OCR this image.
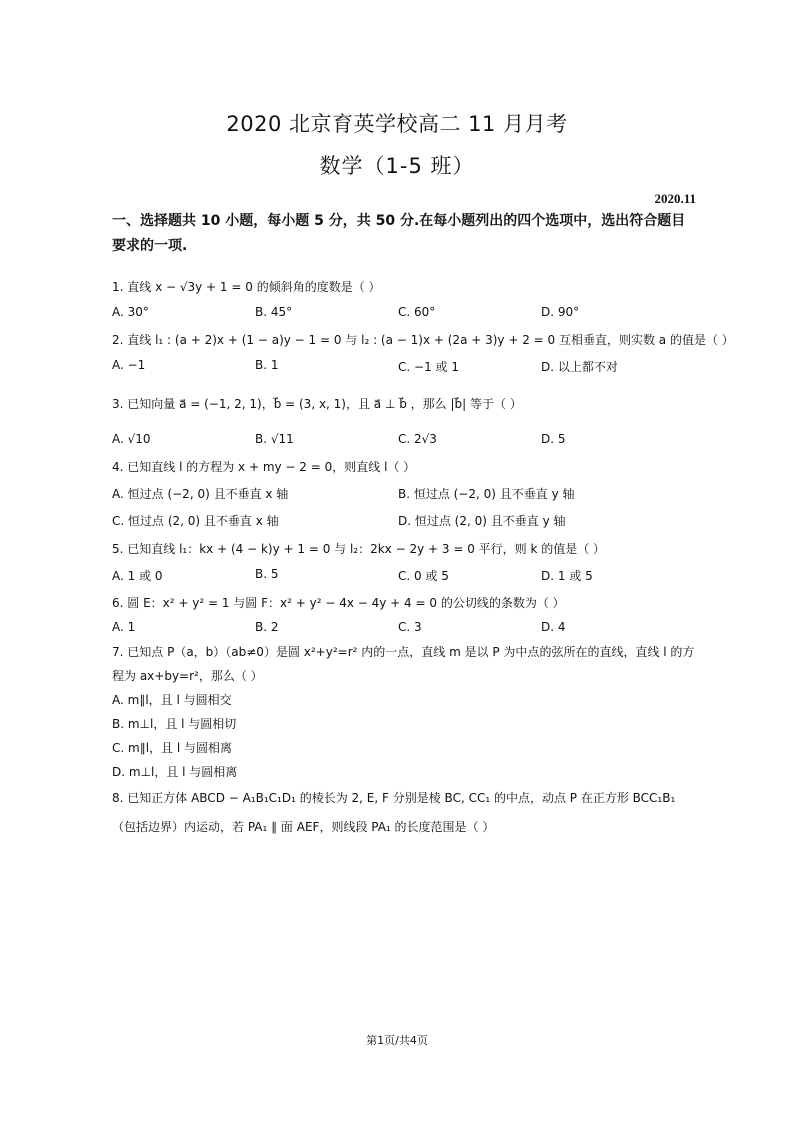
2020 北京育英学校高二 11 月月考
数学（1-5 班）
2020.11
一、选择题共 10 小题，每小题 5 分，共 50 分.在每小题列出的四个选项中，选出符合题目要求的一项.
1. 直线 x − √3y + 1 = 0 的倾斜角的度数是（ ）
A. 30°	B. 45°	C. 60°	D. 90°
2. 直线 l₁ : (a + 2)x + (1 − a)y − 1 = 0 与 l₂ : (a − 1)x + (2a + 3)y + 2 = 0 互相垂直，则实数 a 的值是（ ）
A. −1	B. 1	C. −1 或 1	D. 以上都不对
3. 已知向量 a⃗ = (−1, 2, 1)，b⃗ = (3, x, 1)，且 a⃗ ⊥ b⃗ ，那么 |b⃗| 等于（ ）
A. √10	B. √11	C. 2√3	D. 5
4. 已知直线 l 的方程为 x + my − 2 = 0，则直线 l（ ）
A. 恒过点 (−2, 0) 且不垂直 x 轴	B. 恒过点 (−2, 0) 且不垂直 y 轴
C. 恒过点 (2, 0) 且不垂直 x 轴	D. 恒过点 (2, 0) 且不垂直 y 轴
5. 已知直线 l₁：kx + (4 − k)y + 1 = 0 与 l₂：2kx − 2y + 3 = 0 平行，则 k 的值是（ ）
A. 1 或 0	B. 5	C. 0 或 5	D. 1 或 5
6. 圆 E：x² + y² = 1 与圆 F：x² + y² − 4x − 4y + 4 = 0 的公切线的条数为（ ）
A. 1	B. 2	C. 3	D. 4
7. 已知点 P（a，b）（ab≠0）是圆 x²+y²=r² 内的一点，直线 m 是以 P 为中点的弦所在的直线，直线 l 的方
程为 ax+by=r²，那么（ ）
A. m∥l，且 l 与圆相交
B. m⊥l，且 l 与圆相切
C. m∥l，且 l 与圆相离
D. m⊥l，且 l 与圆相离
8. 已知正方体 ABCD − A₁B₁C₁D₁ 的棱长为 2, E, F 分别是棱 BC, CC₁ 的中点，动点 P 在正方形 BCC₁B₁
（包括边界）内运动，若 PA₁ ∥ 面 AEF，则线段 PA₁ 的长度范围是（ ）
第1页/共4页
